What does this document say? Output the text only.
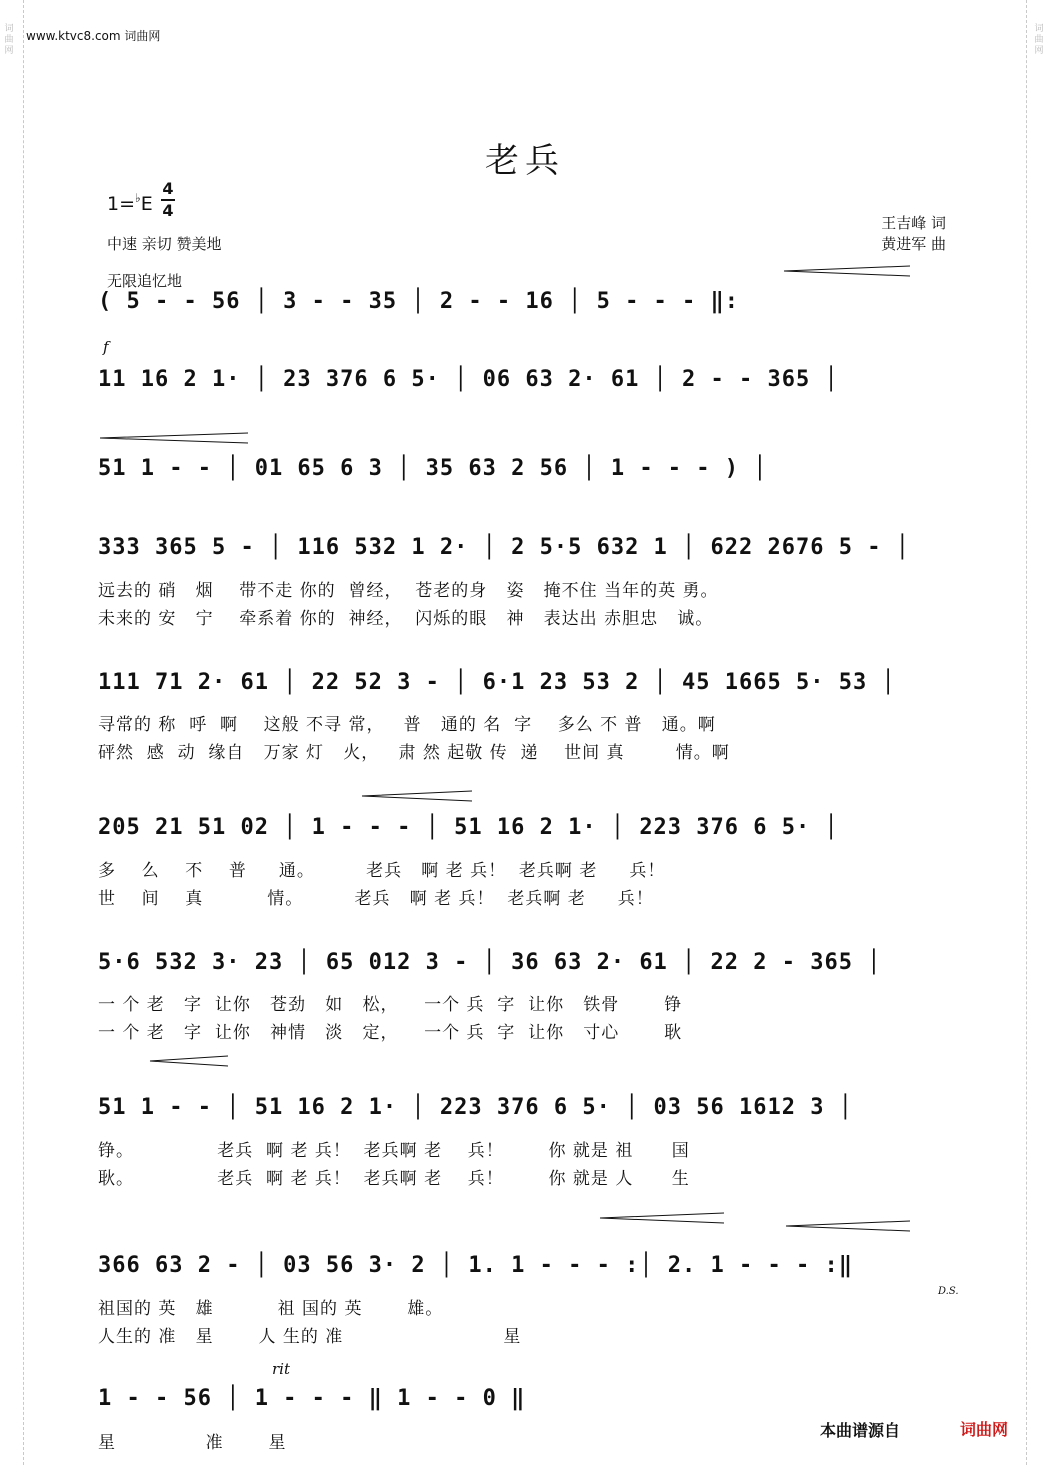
词
曲
网
词
曲
网
www.ktvc8.com 词曲网
老兵
1=♭E
4
4
中速 亲切 赞美地
无限追忆地
王吉峰 词
黄进军 曲
f
rit
D.S.
( 5 - - 56 │ 3 - - 35 │ 2 - - 16 │ 5 - - - ‖:
11 16 2 1· │ 23 376 6 5· │ 06 63 2· 61 │ 2 - - 365 │
51 1 - - │ 01 65 6 3 │ 35 63 2 56 │ 1 - - - ) │
333 365 5 - │ 116 532 1 2· │ 2 5·5 632 1 │ 622 2676 5 - │
111 71 2· 61 │ 22 52 3 - │ 6·1 23 53 2 │ 45 1665 5· 53 │
205 21 51 02 │ 1 - - - │ 51 16 2 1· │ 223 376 6 5· │
5·6 532 3· 23 │ 65 012 3 - │ 36 63 2· 61 │ 22 2 - 365 │
51 1 - - │ 51 16 2 1· │ 223 376 6 5· │ 03 56 1612 3 │
366 63 2 - │ 03 56 3· 2 │ 1. 1 - - - :│ 2. 1 - - - :‖
1 - - 56 │ 1 - - - ‖ 1 - - 0 ‖
远去的 硝   烟    带不走 你的  曾经，  苍老的身   姿   掩不住 当年的英 勇。
未来的 安   宁    牵系着 你的  神经，  闪烁的眼   神   表达出 赤胆忠   诚。
寻常的 称  呼  啊    这般 不寻 常，   普   通的 名  字    多么 不 普   通。啊
砰然  感  动  缘自   万家 灯   火，   肃 然 起敬 传  递    世间 真        情。啊
多    么    不    普     通。        老兵   啊 老 兵！  老兵啊 老     兵！
世    间    真          情。        老兵   啊 老 兵！  老兵啊 老     兵！
一 个 老   字  让你   苍劲   如   松，    一个 兵  字  让你   铁骨       铮
一 个 老   字  让你   神情   淡   定，    一个 兵  字  让你   寸心       耿
铮。             老兵  啊 老 兵！  老兵啊 老    兵！       你 就是 祖      国
耿。             老兵  啊 老 兵！  老兵啊 老    兵！       你 就是 人      生
祖国的 英   雄          祖 国的 英       雄。
人生的 准   星       人 生的 准                         星
星              准       星
本曲谱源自	词曲网
